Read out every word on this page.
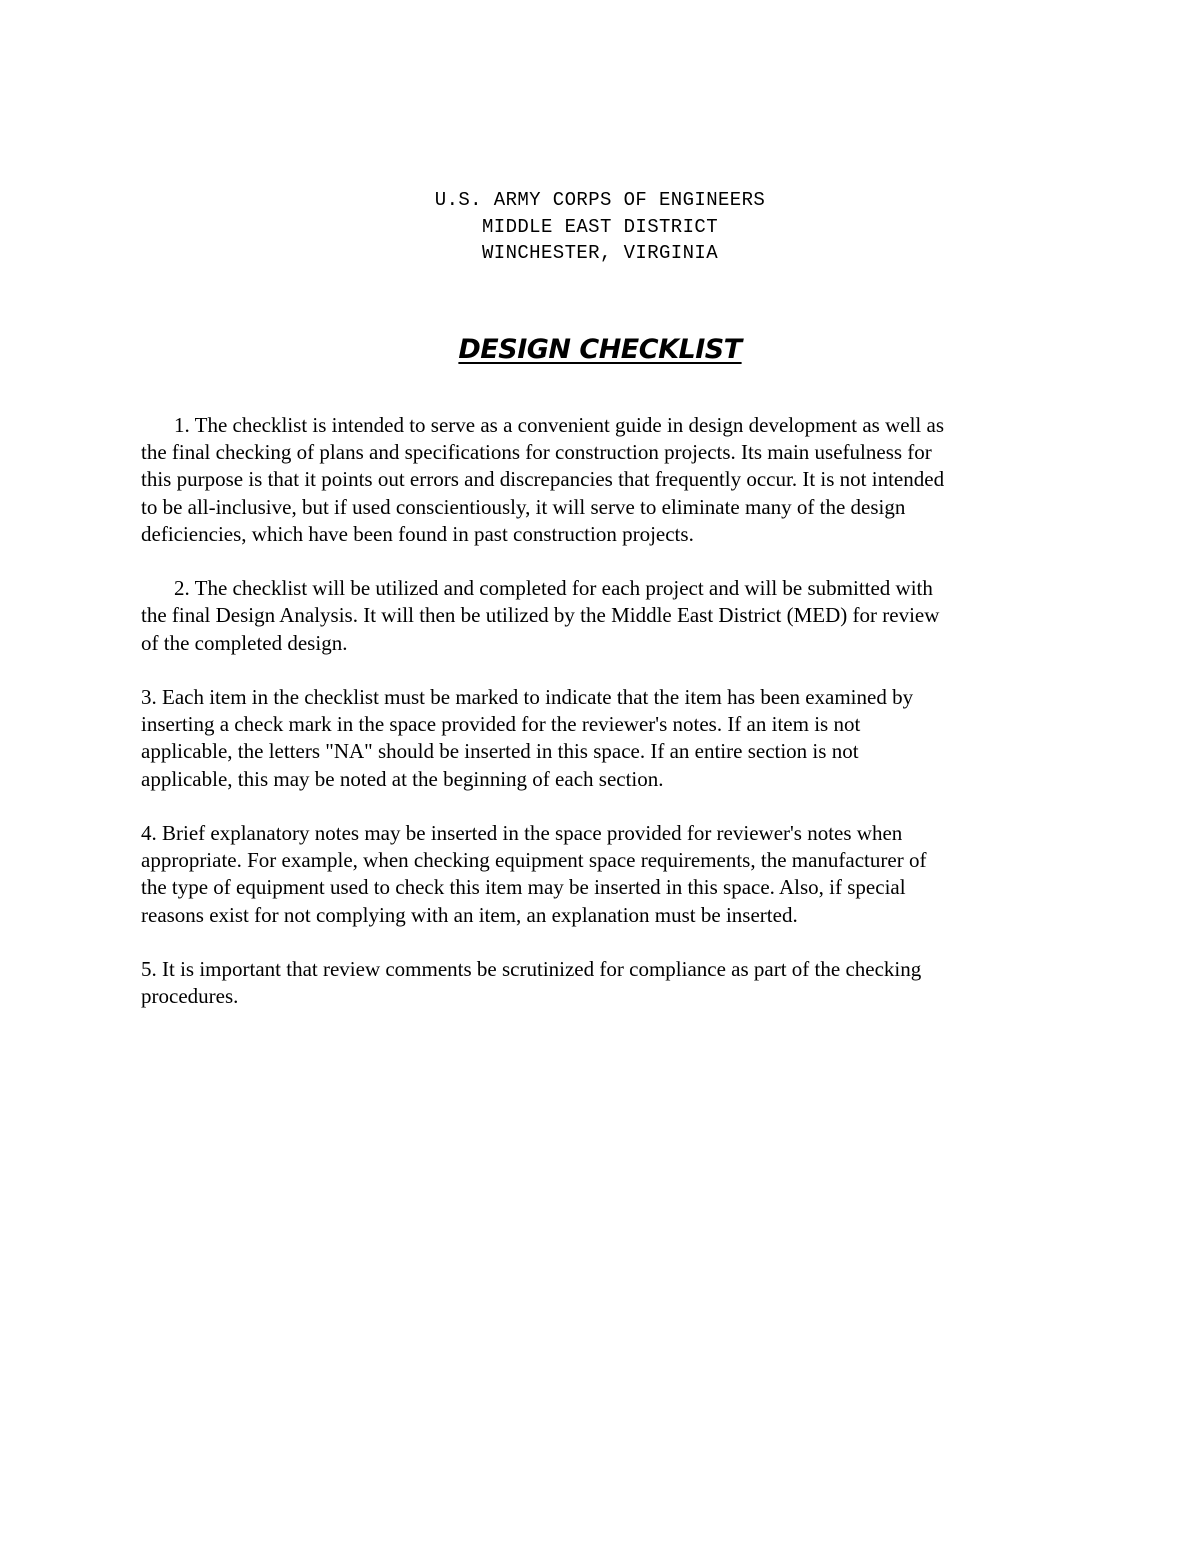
U.S. ARMY CORPS OF ENGINEERS
MIDDLE EAST DISTRICT
WINCHESTER, VIRGINIA
DESIGN CHECKLIST
1. The checklist is intended to serve as a convenient guide in design development as well as
the final checking of plans and specifications for construction projects. Its main usefulness for
this purpose is that it points out errors and discrepancies that frequently occur. It is not intended
to be all-inclusive, but if used conscientiously, it will serve to eliminate many of the design
deficiencies, which have been found in past construction projects.
2. The checklist will be utilized and completed for each project and will be submitted with
the final Design Analysis. It will then be utilized by the Middle East District (MED) for review
of the completed design.
3. Each item in the checklist must be marked to indicate that the item has been examined by
inserting a check mark in the space provided for the reviewer's notes. If an item is not
applicable, the letters "NA" should be inserted in this space. If an entire section is not
applicable, this may be noted at the beginning of each section.
4. Brief explanatory notes may be inserted in the space provided for reviewer's notes when
appropriate. For example, when checking equipment space requirements, the manufacturer of
the type of equipment used to check this item may be inserted in this space. Also, if special
reasons exist for not complying with an item, an explanation must be inserted.
5. It is important that review comments be scrutinized for compliance as part of the checking
procedures.
